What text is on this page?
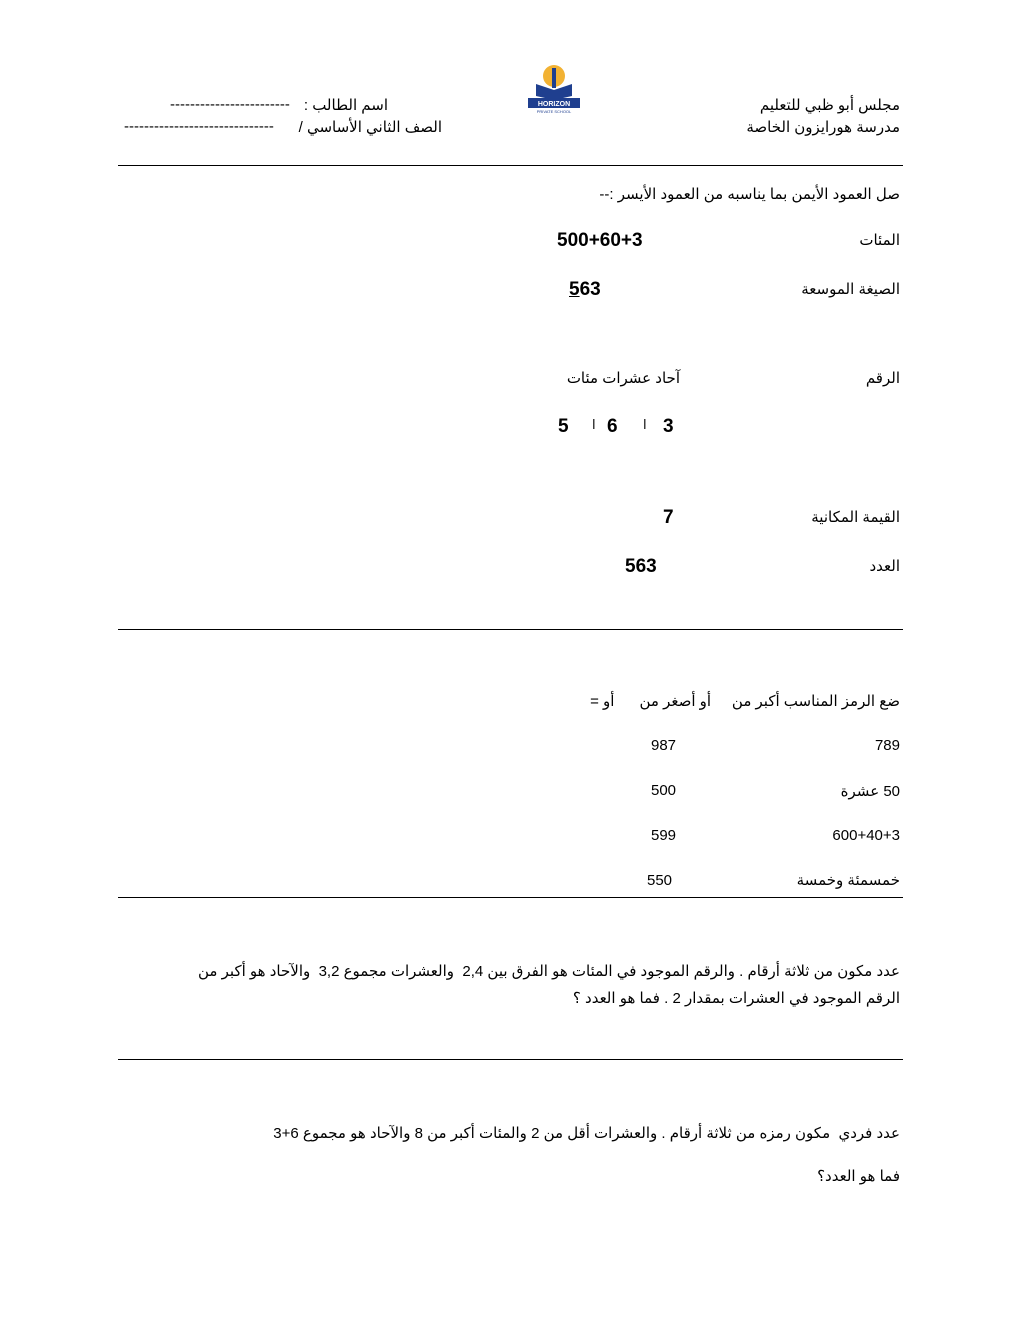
مجلس أبو ظبي للتعليم
مدرسة هورايزون الخاصة
HORIZON
PRIVATE SCHOOL
اسم الطالب :
------------------------
الصف الثاني الأساسي /
------------------------------
صل العمود الأيمن بما يناسبه من العمود الأيسر :--
المئات
الصيغة الموسعة
الرقم
القيمة المكانية
العدد
500+60+3
563
آحاد عشرات مئات
3
ا
6
ا
5
7
563
ضع الرمز المناسب أكبر من     أو أصغر من      أو =
789
987
50 عشرة
500
600+40+3
599
خمسمئة وخمسة
550
عدد مكون من ثلاثة أرقام . والرقم الموجود في المئات هو الفرق بين 2,4  والعشرات مجموع 3,2  والآحاد هو أكبر من
الرقم الموجود في العشرات بمقدار 2 . فما هو العدد ؟
عدد فردي  مكون رمزه من ثلاثة أرقام . والعشرات أقل من 2 والمئات أكبر من 8 والآحاد هو مجموع 6+3
فما هو العدد؟
